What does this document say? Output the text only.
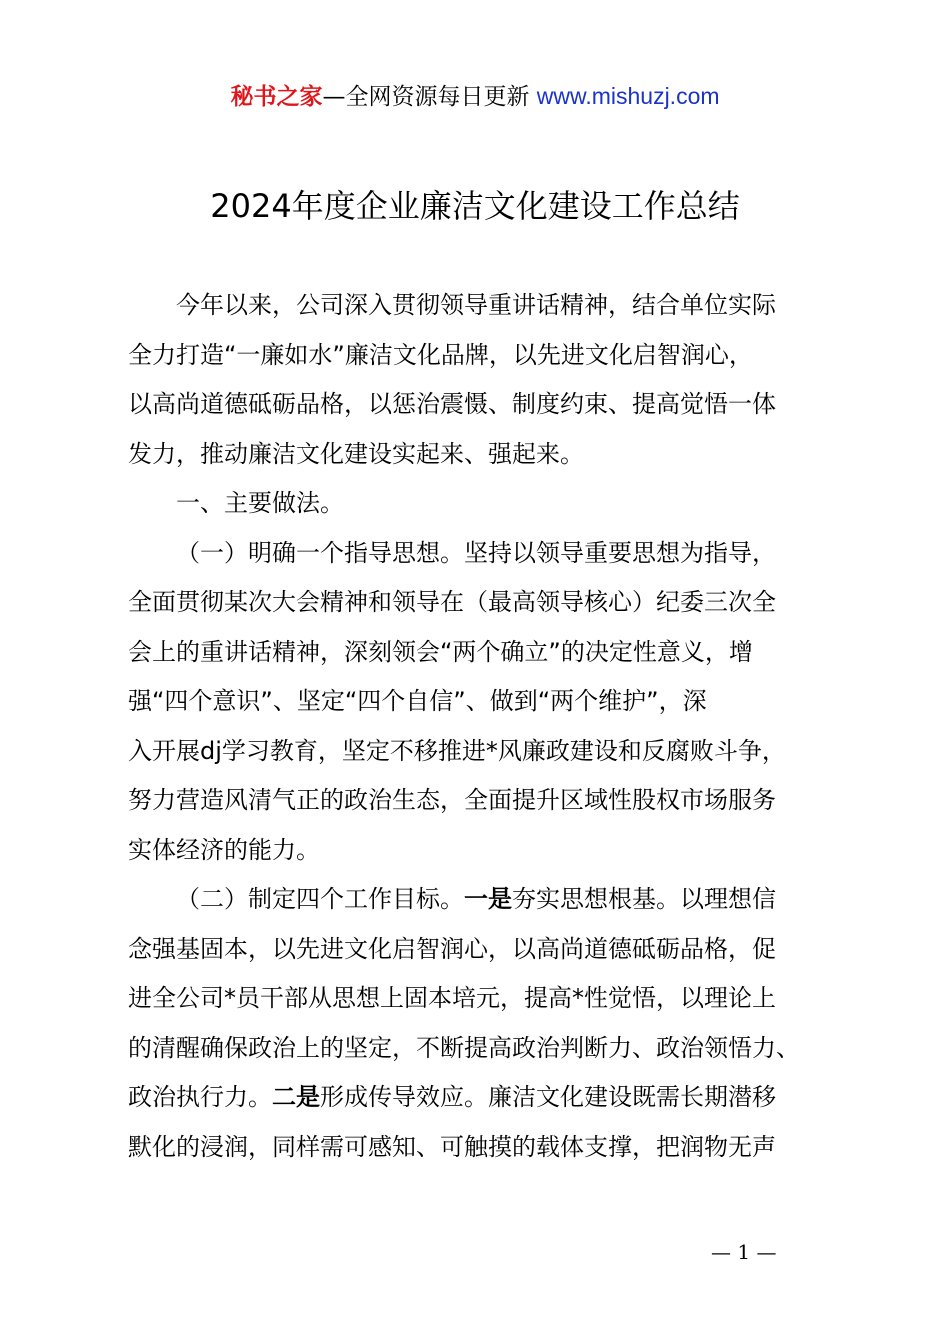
秘书之家—全网资源每日更新 www.mishuzj.com
2024年度企业廉洁文化建设工作总结
今年以来，公司深入贯彻领导重讲话精神，结合单位实际
全力打造“一廉如水”廉洁文化品牌，以先进文化启智润心，
以高尚道德砥砺品格，以惩治震慑、制度约束、提高觉悟一体
发力，推动廉洁文化建设实起来、强起来。
一、主要做法。
（一）明确一个指导思想。坚持以领导重要思想为指导，
全面贯彻某次大会精神和领导在（最高领导核心）纪委三次全
会上的重讲话精神，深刻领会“两个确立”的决定性意义，增
强“四个意识”、坚定“四个自信”、做到“两个维护”，深
入开展dj学习教育，坚定不移推进*风廉政建设和反腐败斗争，
努力营造风清气正的政治生态，全面提升区域性股权市场服务
实体经济的能力。
（二）制定四个工作目标。一是夯实思想根基。以理想信
念强基固本，以先进文化启智润心，以高尚道德砥砺品格，促
进全公司*员干部从思想上固本培元，提高*性觉悟，以理论上
的清醒确保政治上的坚定，不断提高政治判断力、政治领悟力、
政治执行力。二是形成传导效应。廉洁文化建设既需长期潜移
默化的浸润，同样需可感知、可触摸的载体支撑，把润物无声
— 1 —
